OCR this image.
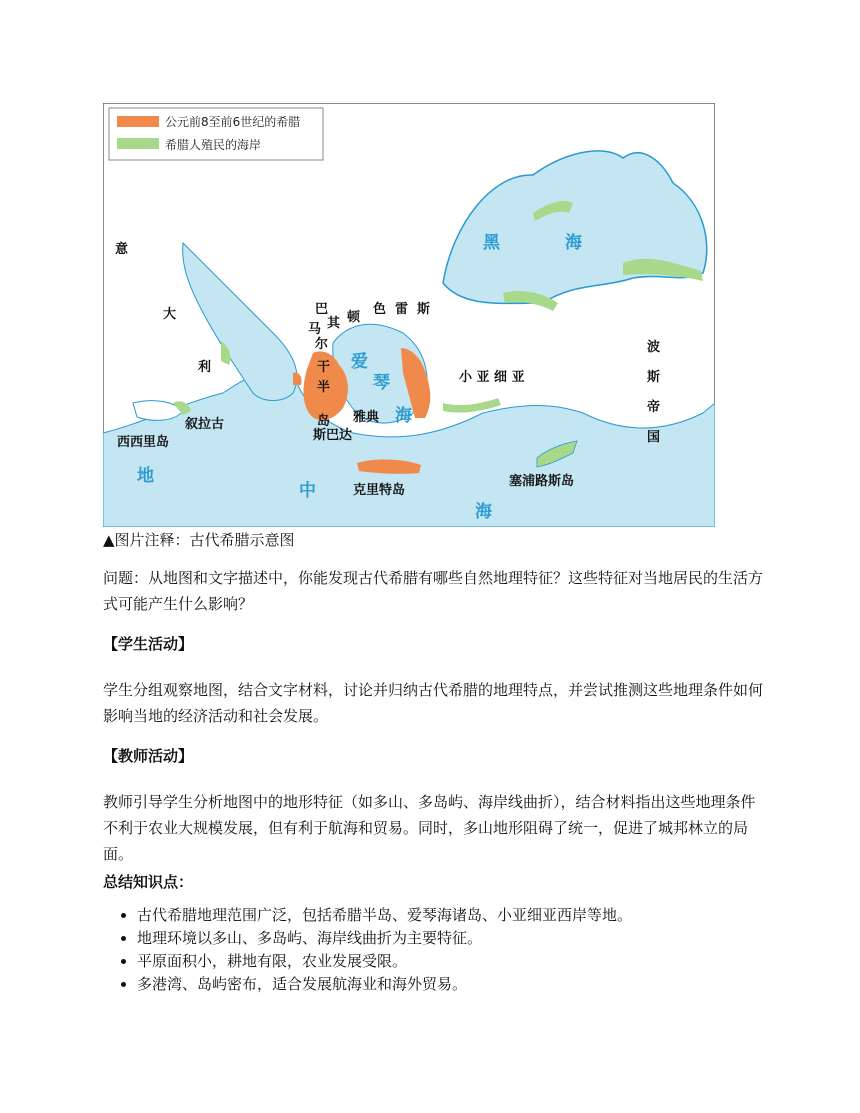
公元前8至前6世纪的希腊
希腊人殖民的海岸
意
大
利
叙拉古
西西里岛
巴
马 其
尔
顿
色 雷 斯
干
半
岛
爱
琴
海
雅典
斯巴达
小 亚 细 亚
波
斯
帝
国
克里特岛
塞浦路斯岛
黑	海
地
中
海
▲图片注释：古代希腊示意图
问题：从地图和文字描述中，你能发现古代希腊有哪些自然地理特征？这些特征对当地居民的生活方式可能产生什么影响？
【学生活动】
学生分组观察地图，结合文字材料，讨论并归纳古代希腊的地理特点，并尝试推测这些地理条件如何影响当地的经济活动和社会发展。
【教师活动】
教师引导学生分析地图中的地形特征（如多山、多岛屿、海岸线曲折），结合材料指出这些地理条件不利于农业大规模发展，但有利于航海和贸易。同时，多山地形阻碍了统一，促进了城邦林立的局面。
总结知识点：
• 古代希腊地理范围广泛，包括希腊半岛、爱琴海诸岛、小亚细亚西岸等地。
• 地理环境以多山、多岛屿、海岸线曲折为主要特征。
• 平原面积小，耕地有限，农业发展受限。
• 多港湾、岛屿密布，适合发展航海业和海外贸易。
